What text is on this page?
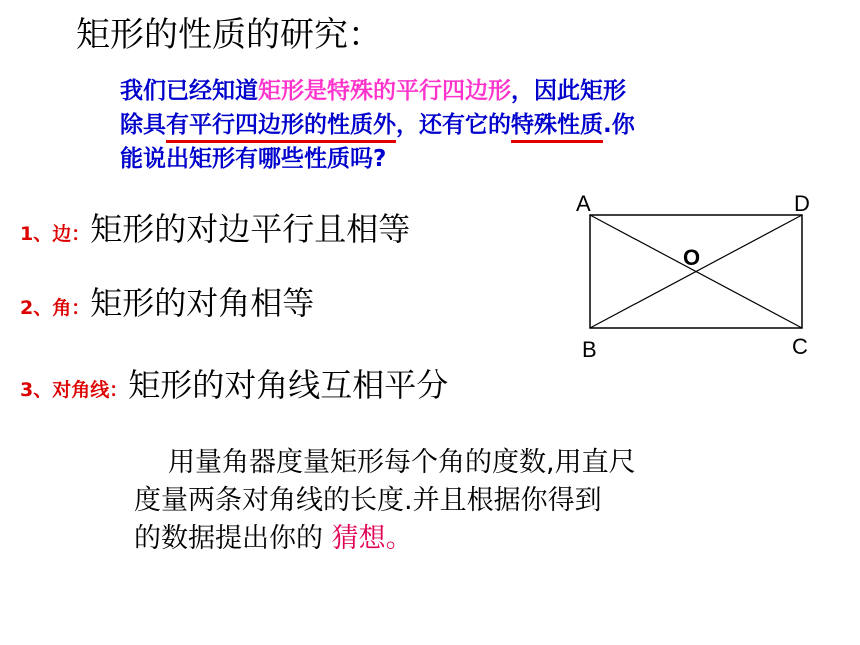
矩形的性质的研究：
我们已经知道矩形是特殊的平行四边形，因此矩形
除具有平行四边形的性质外，还有它的特殊性质.你
能说出矩形有哪些性质吗?
1、边：矩形的对边平行且相等
2、角：矩形的对角相等
3、对角线：矩形的对角线互相平分
A	D
B	C
O
用量角器度量矩形每个角的度数,用直尺
度量两条对角线的长度.并且根据你得到
的数据提出你的 猜想。
